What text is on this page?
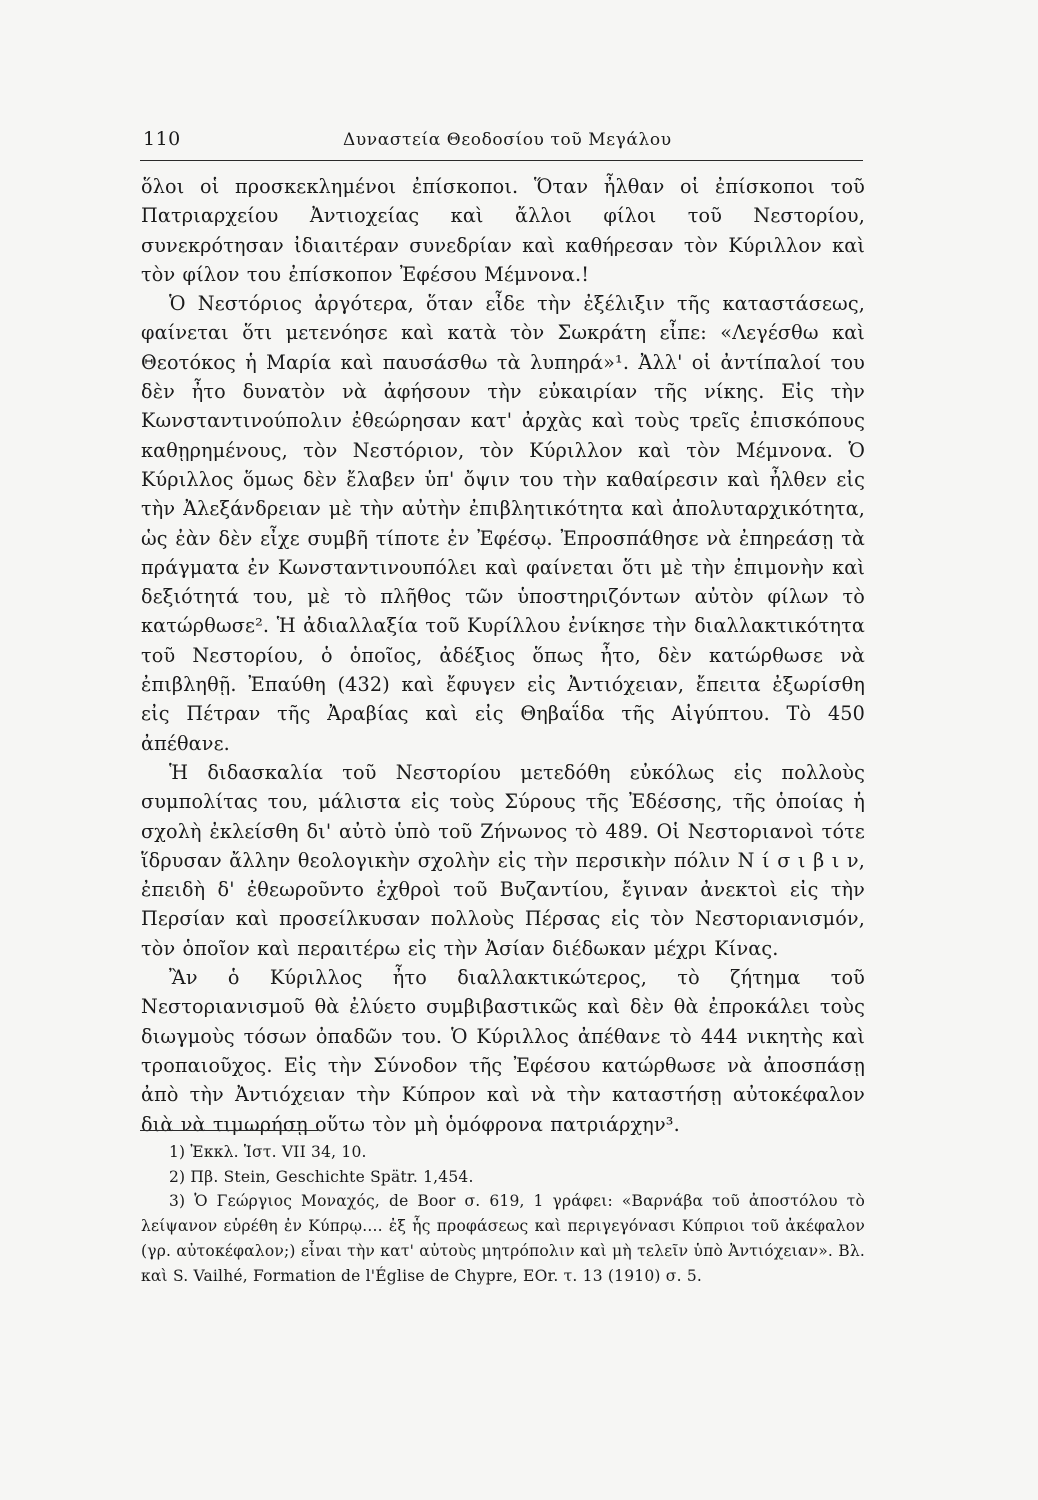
110	Δυναστεία Θεοδοσίου τοῦ Μεγάλου

ὅλοι οἱ προσκεκλημένοι ἐπίσκοποι. Ὅταν ἦλθαν οἱ ἐπίσκοποι τοῦ Πατριαρχείου Ἀντιοχείας καὶ ἄλλοι φίλοι τοῦ Νεστορίου, συνεκρότησαν ἰδιαιτέραν συνεδρίαν καὶ καθήρεσαν τὸν Κύριλλον καὶ τὸν φίλον του ἐπίσκοπον Ἐφέσου Μέμνονα.!

Ὁ Νεστόριος ἀργότερα, ὅταν εἶδε τὴν ἐξέλιξιν τῆς καταστάσεως, φαίνεται ὅτι μετενόησε καὶ κατὰ τὸν Σωκράτη εἶπε: «Λεγέσθω καὶ Θεοτόκος ἡ Μαρία καὶ παυσάσθω τὰ λυπηρά»¹. Ἀλλ' οἱ ἀντίπαλοί του δὲν ἦτο δυνατὸν νὰ ἀφήσουν τὴν εὐκαιρίαν τῆς νίκης. Εἰς τὴν Κωνσταντινούπολιν ἐθεώρησαν κατ' ἀρχὰς καὶ τοὺς τρεῖς ἐπισκόπους καθῃρημένους, τὸν Νεστόριον, τὸν Κύριλλον καὶ τὸν Μέμνονα. Ὁ Κύριλλος ὅμως δὲν ἔλαβεν ὑπ' ὄψιν του τὴν καθαίρεσιν καὶ ἦλθεν εἰς τὴν Ἀλεξάνδρειαν μὲ τὴν αὐτὴν ἐπιβλητικότητα καὶ ἀπολυταρχικότητα, ὡς ἐὰν δὲν εἶχε συμβῆ τίποτε ἐν Ἐφέσῳ. Ἐπροσπάθησε νὰ ἐπηρεάσῃ τὰ πράγματα ἐν Κωνσταντινουπόλει καὶ φαίνεται ὅτι μὲ τὴν ἐπιμονὴν καὶ δεξιότητά του, μὲ τὸ πλῆθος τῶν ὑποστηριζόντων αὐτὸν φίλων τὸ κατώρθωσε². Ἡ ἀδιαλλαξία τοῦ Κυρίλλου ἐνίκησε τὴν διαλλακτικότητα τοῦ Νεστορίου, ὁ ὁποῖος, ἀδέξιος ὅπως ἦτο, δὲν κατώρθωσε νὰ ἐπιβληθῇ. Ἐπαύθη (432) καὶ ἔφυγεν εἰς Ἀντιόχειαν, ἔπειτα ἐξωρίσθη εἰς Πέτραν τῆς Ἀραβίας καὶ εἰς Θηβαΐδα τῆς Αἰγύπτου. Τὸ 450 ἀπέθανε.

Ἡ διδασκαλία τοῦ Νεστορίου μετεδόθη εὐκόλως εἰς πολλοὺς συμπολίτας του, μάλιστα εἰς τοὺς Σύρους τῆς Ἐδέσσης, τῆς ὁποίας ἡ σχολὴ ἐκλείσθη δι' αὐτὸ ὑπὸ τοῦ Ζήνωνος τὸ 489. Οἱ Νεστοριανοὶ τότε ἵδρυσαν ἄλλην θεολογικὴν σχολὴν εἰς τὴν περσικὴν πόλιν Ν ί σ ι β ι ν, ἐπειδὴ δ' ἐθεωροῦντο ἐχθροὶ τοῦ Βυζαντίου, ἔγιναν ἀνεκτοὶ εἰς τὴν Περσίαν καὶ προσείλκυσαν πολλοὺς Πέρσας εἰς τὸν Νεστοριανισμόν, τὸν ὁποῖον καὶ περαιτέρω εἰς τὴν Ἀσίαν διέδωκαν μέχρι Κίνας.

Ἂν ὁ Κύριλλος ἦτο διαλλακτικώτερος, τὸ ζήτημα τοῦ Νεστοριανισμοῦ θὰ ἐλύετο συμβιβαστικῶς καὶ δὲν θὰ ἐπροκάλει τοὺς διωγμοὺς τόσων ὀπαδῶν του. Ὁ Κύριλλος ἀπέθανε τὸ 444 νικητὴς καὶ τροπαιοῦχος. Εἰς τὴν Σύνοδον τῆς Ἐφέσου κατώρθωσε νὰ ἀποσπάσῃ ἀπὸ τὴν Ἀντιόχειαν τὴν Κύπρον καὶ νὰ τὴν καταστήσῃ αὐτοκέφαλον διὰ νὰ τιμωρήσῃ οὕτω τὸν μὴ ὁμόφρονα πατριάρχην³.

1) Ἐκκλ. Ἱστ. VII 34, 10.

2) Πβ. Stein, Geschichte Spätr. 1,454.

3) Ὁ Γεώργιος Μοναχός, de Boor σ. 619, 1 γράφει: «Βαρνάβα τοῦ ἀποστόλου τὸ λείψανον εὑρέθη ἐν Κύπρῳ.... ἐξ ἧς προφάσεως καὶ περιγεγόνασι Κύπριοι τοῦ ἀκέφαλον (γρ. αὐτοκέφαλον;) εἶναι τὴν κατ' αὐτοὺς μητρόπολιν καὶ μὴ τελεῖν ὑπὸ Ἀντιόχειαν». Βλ. καὶ S. Vailhé, Formation de l'Église de Chypre, EOr. τ. 13 (1910) σ. 5.
